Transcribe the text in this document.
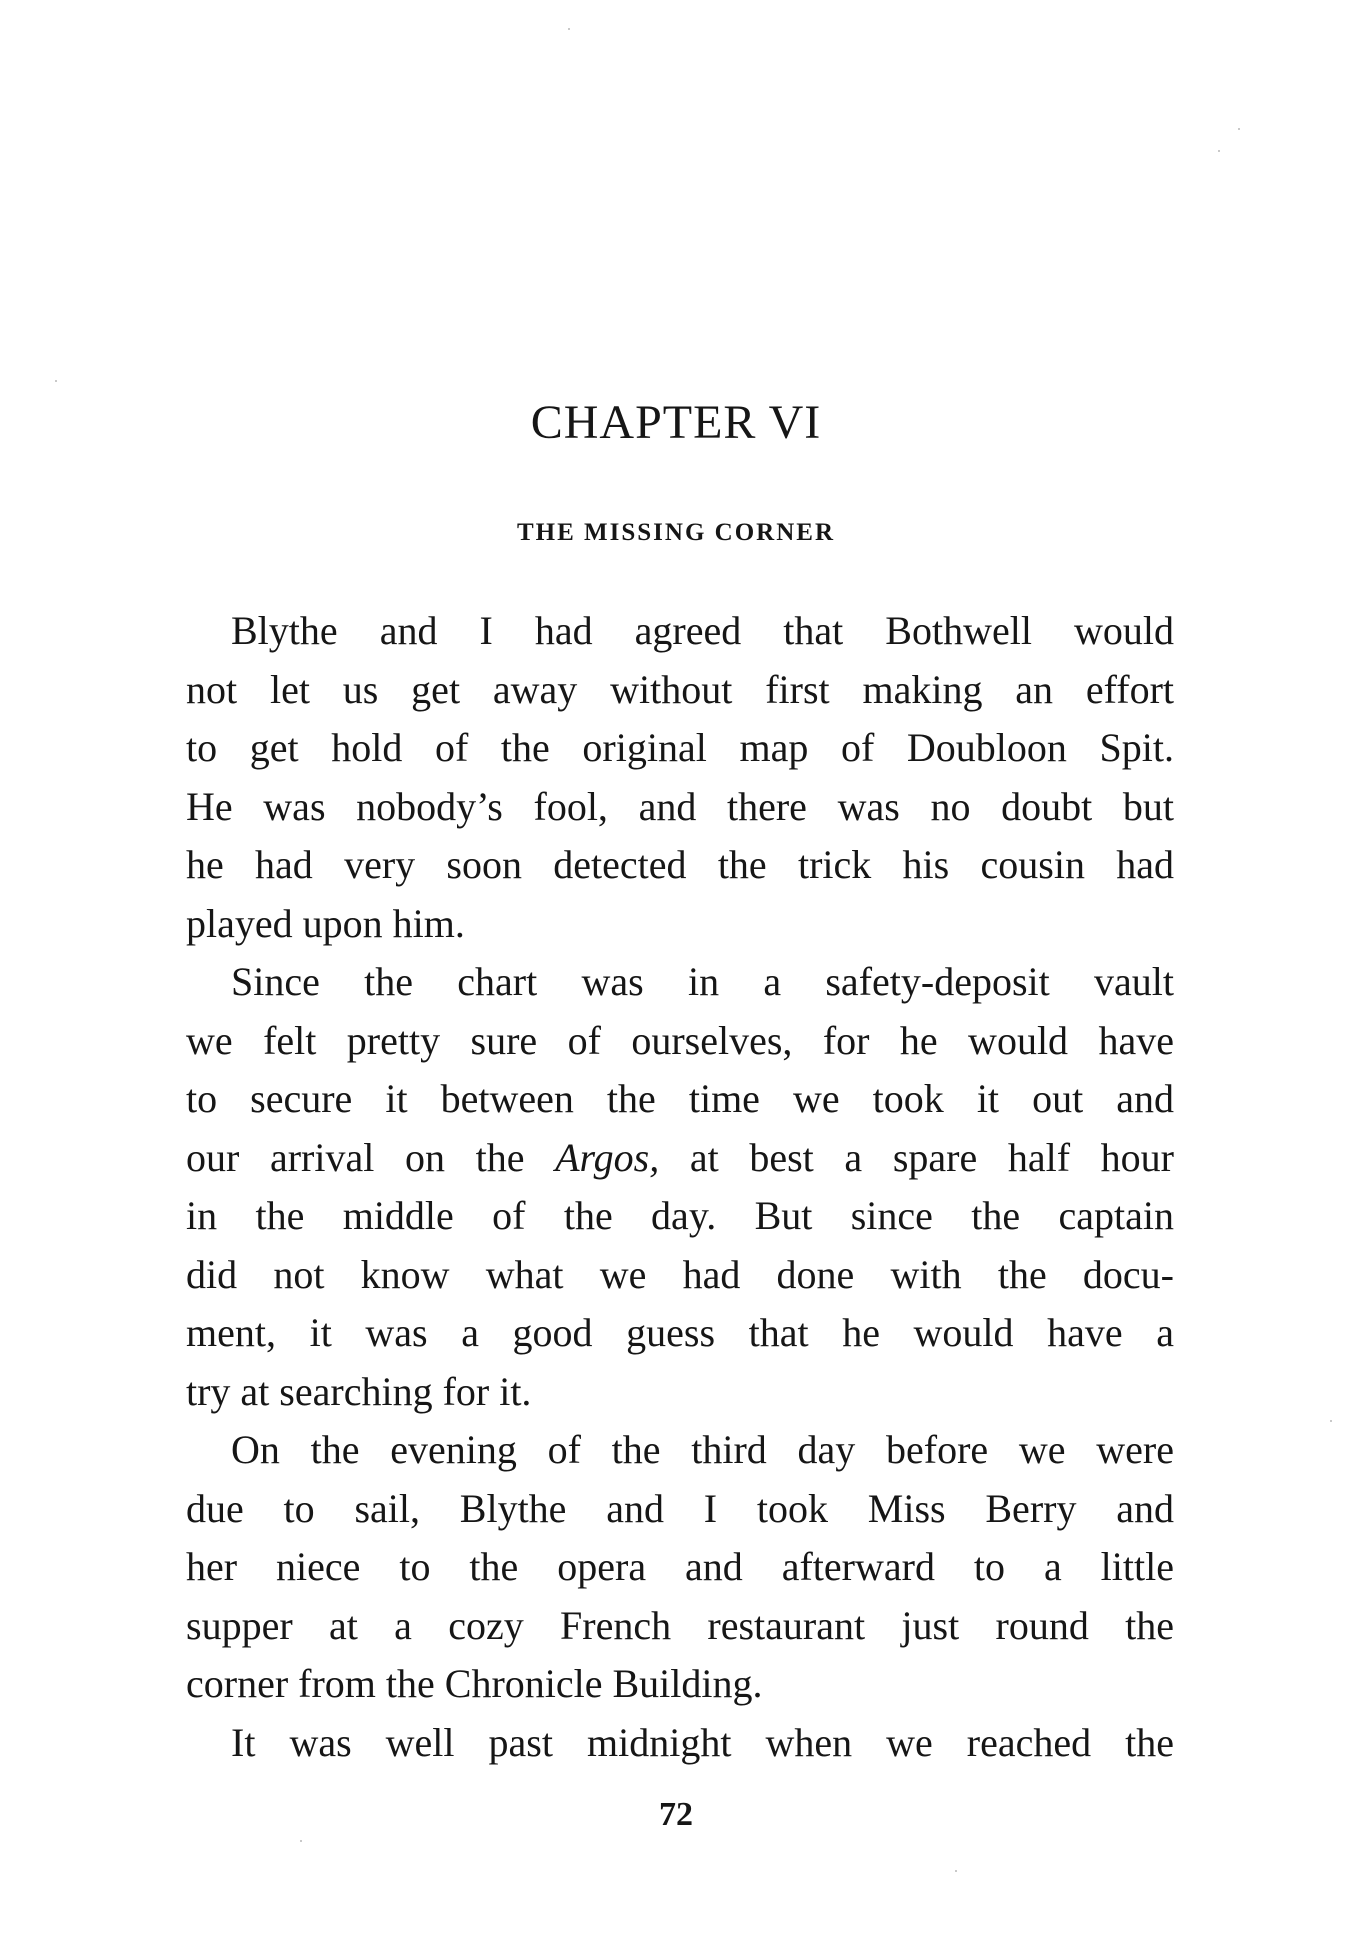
CHAPTER VI
THE MISSING CORNER
Blythe and I had agreed that Bothwell would
not let us get away without first making an effort
to get hold of the original map of Doubloon Spit.
He was nobody’s fool, and there was no doubt but
he had very soon detected the trick his cousin had
played upon him.
Since the chart was in a safety-deposit vault
we felt pretty sure of ourselves, for he would have
to secure it between the time we took it out and
our arrival on the Argos, at best a spare half hour
in the middle of the day. But since the captain
did not know what we had done with the docu-
ment, it was a good guess that he would have a
try at searching for it.
On the evening of the third day before we were
due to sail, Blythe and I took Miss Berry and
her niece to the opera and afterward to a little
supper at a cozy French restaurant just round the
corner from the Chronicle Building.
It was well past midnight when we reached the
72
